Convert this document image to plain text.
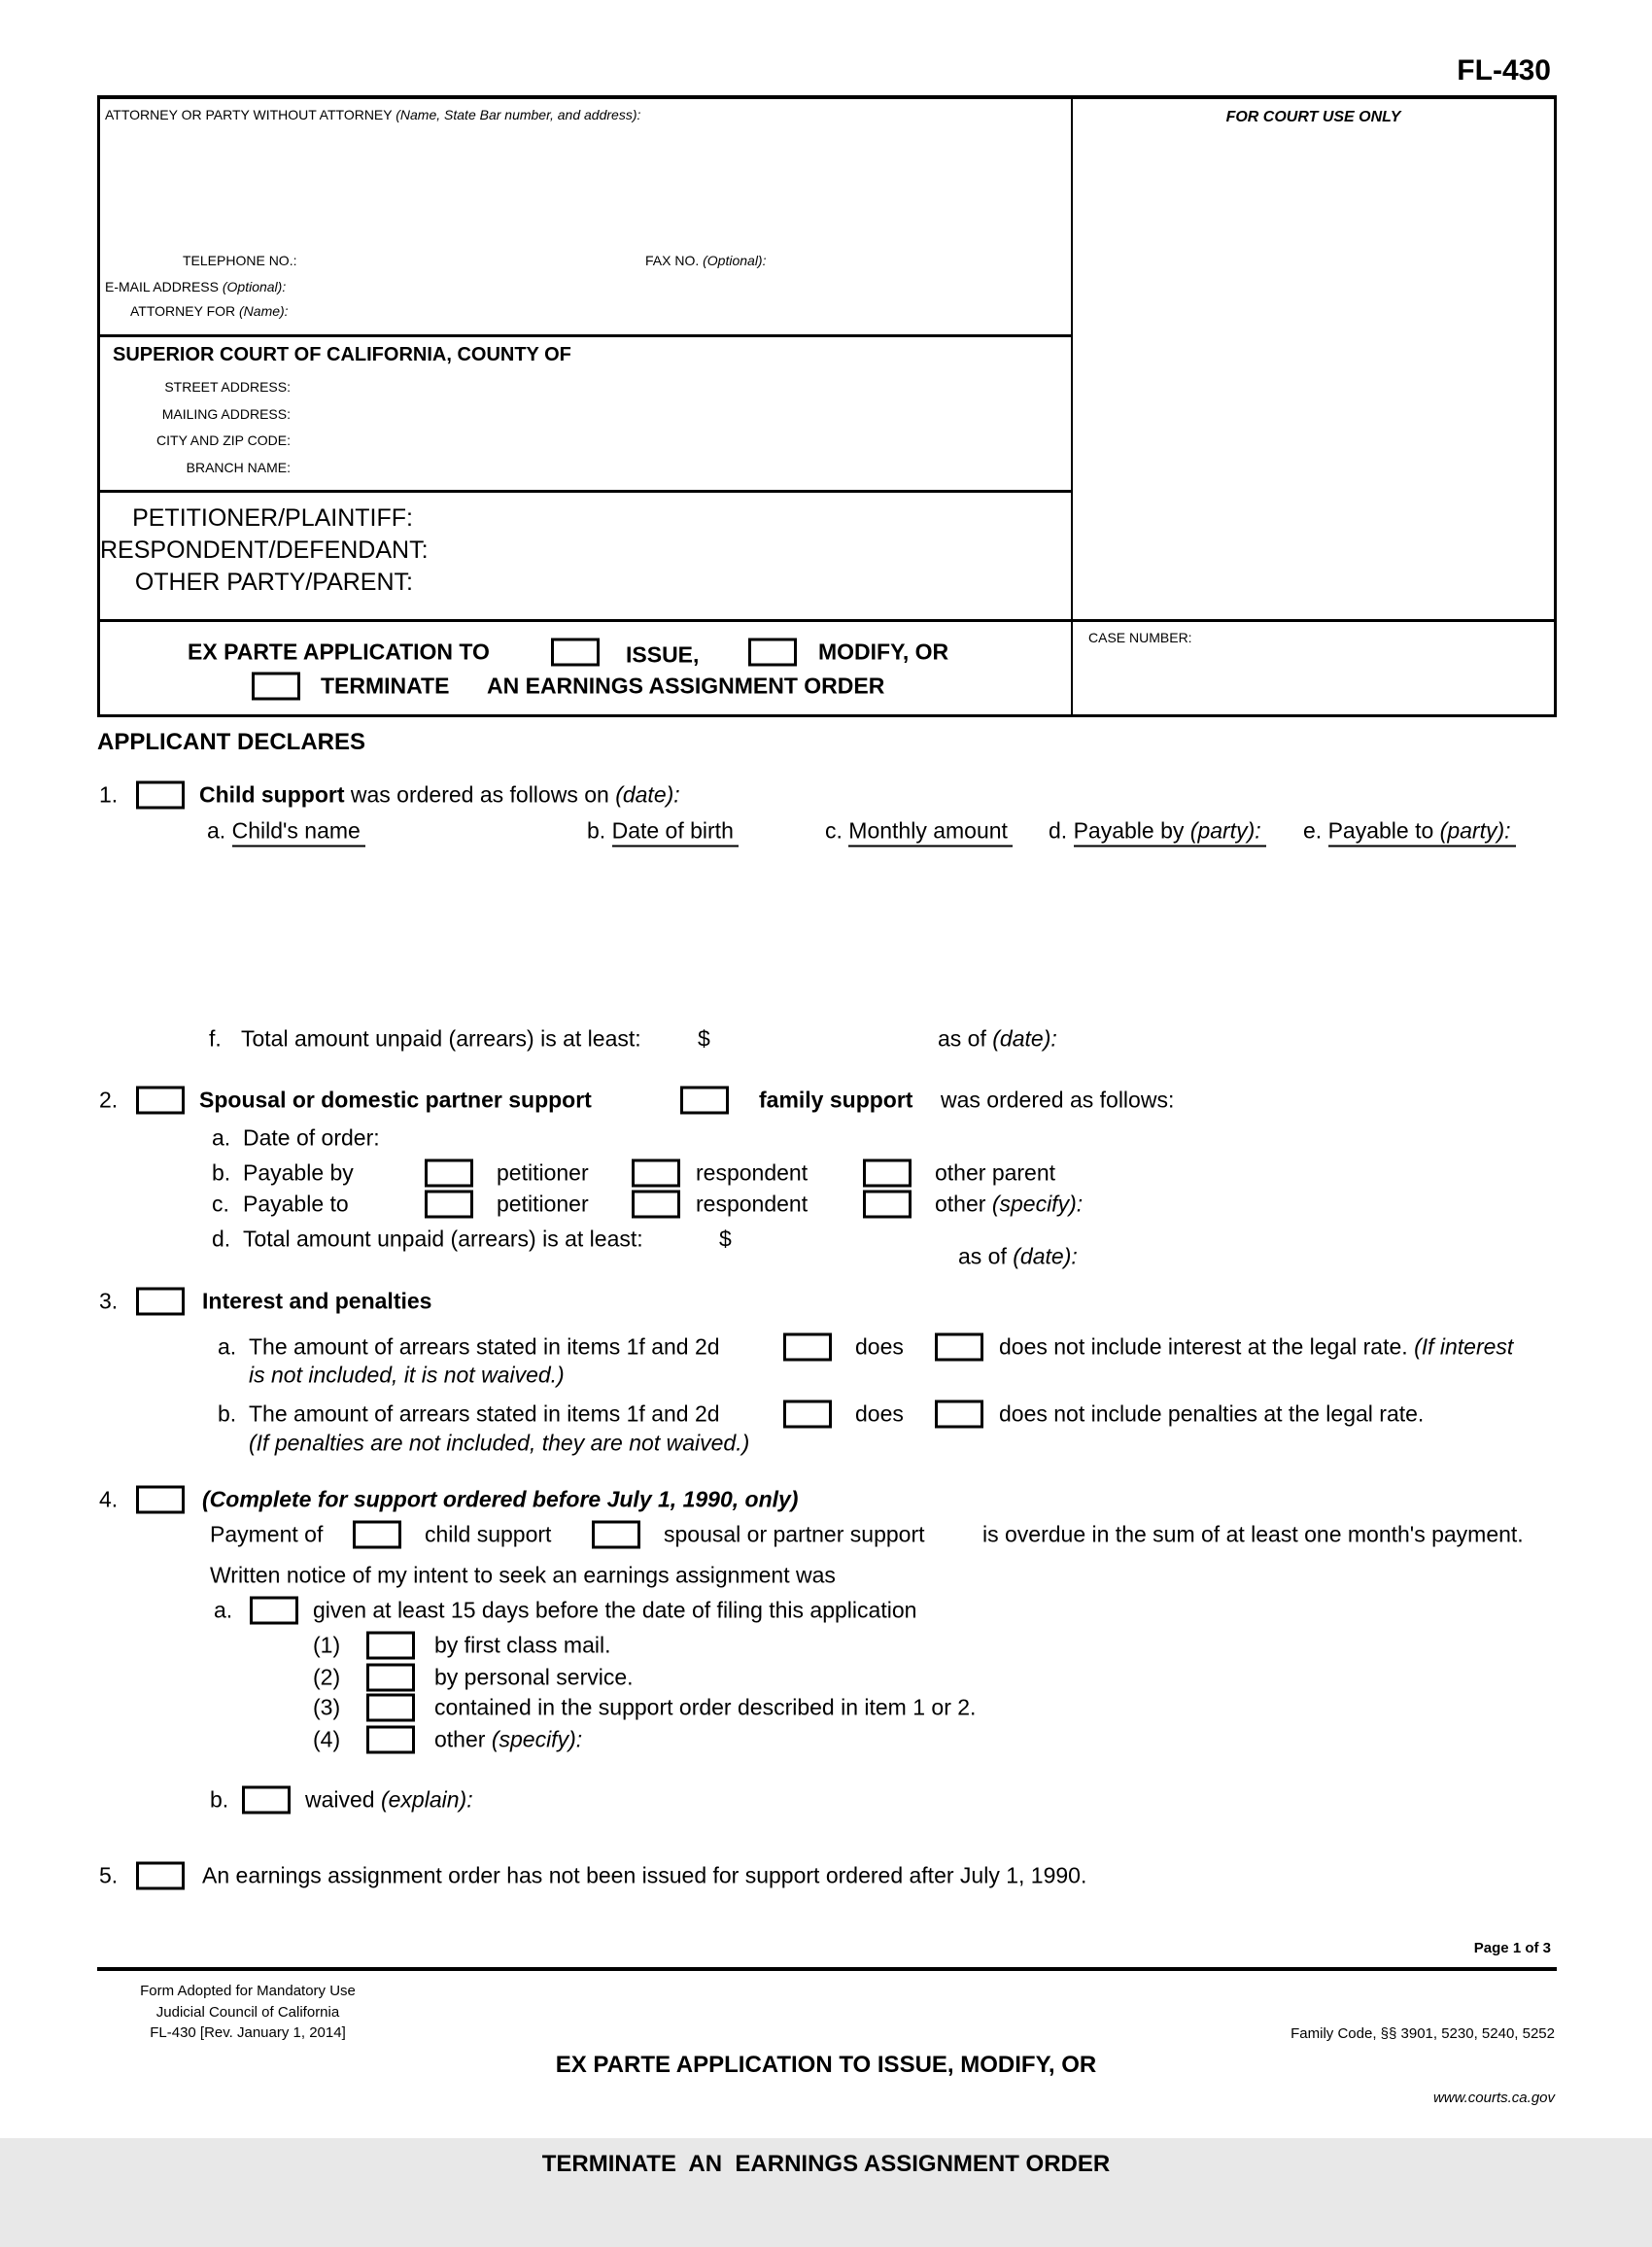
FL-430
ATTORNEY OR PARTY WITHOUT ATTORNEY (Name, State Bar number, and address):
TELEPHONE NO.:	FAX NO. (Optional):
E-MAIL ADDRESS (Optional):
ATTORNEY FOR (Name):
SUPERIOR COURT OF CALIFORNIA, COUNTY OF
STREET ADDRESS:
MAILING ADDRESS:
CITY AND ZIP CODE:
BRANCH NAME:
PETITIONER/PLAINTIFF:
RESPONDENT/DEFENDANT:
OTHER PARTY/PARENT:
EX PARTE APPLICATION TO	ISSUE,	MODIFY, OR
TERMINATE AN EARNINGS ASSIGNMENT ORDER
FOR COURT USE ONLY
CASE NUMBER:
APPLICANT DECLARES
1.	Child support was ordered as follows on (date):
a. Child's name	b. Date of birth	c. Monthly amount d. Payable by (party): e. Payable to (party):
f. Total amount unpaid (arrears) is at least:	$	as of (date):
2.	Spousal or domestic partner support	family support was ordered as follows:
a. Date of order:
b. Payable by	petitioner	respondent	other parent
c. Payable to	petitioner	respondent	other (specify):
d. Total amount unpaid (arrears) is at least:	$
as of (date):
3.	Interest and penalties
a. The amount of arrears stated in items 1f and 2d	does	does not include interest at the legal rate. (If interest
is not included, it is not waived.)
b. The amount of arrears stated in items 1f and 2d	does	does not include penalties at the legal rate.
(If penalties are not included, they are not waived.)
4.	(Complete for support ordered before July 1, 1990, only)
Payment of	child support	spousal or partner support	is overdue in the sum of at least one month's payment.
Written notice of my intent to seek an earnings assignment was
a.	given at least 15 days before the date of filing this application
(1)	by first class mail.
(2)	by personal service.
(3)	contained in the support order described in item 1 or 2.
(4)	other (specify):
b.	waived (explain):
5.	An earnings assignment order has not been issued for support ordered after July 1, 1990.
Page 1 of 3
Form Adopted for Mandatory Use
Judicial Council of California
FL-430 [Rev. January 1, 2014]

EX PARTE APPLICATION TO ISSUE, MODIFY, OR

TERMINATE  AN  EARNINGS ASSIGNMENT ORDER

Family Code, §§ 3901, 5230, 5240, 5252

www.courts.ca.gov
